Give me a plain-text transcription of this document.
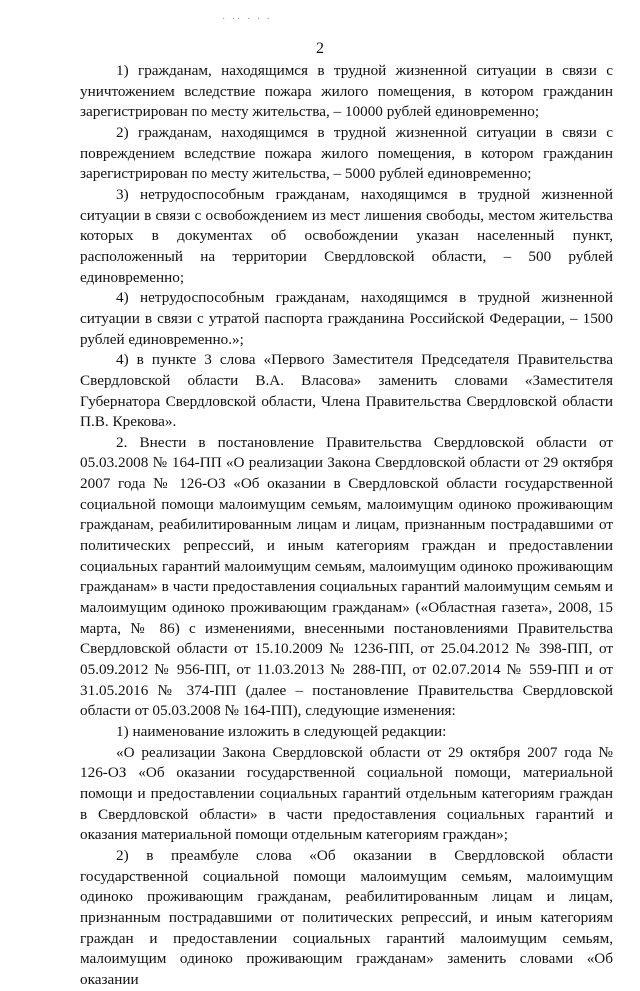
· ·· · · ·
2

1) гражданам, находящимся в трудной жизненной ситуации в связи с уничтожением вследствие пожара жилого помещения, в котором гражданин зарегистрирован по месту жительства, – 10000 рублей единовременно;

2) гражданам, находящимся в трудной жизненной ситуации в связи с повреждением вследствие пожара жилого помещения, в котором гражданин зарегистрирован по месту жительства, – 5000 рублей единовременно;

3) нетрудоспособным гражданам, находящимся в трудной жизненной ситуации в связи с освобождением из мест лишения свободы, местом жительства которых в документах об освобождении указан населенный пункт, расположенный на территории Свердловской области, – 500 рублей единовременно;

4) нетрудоспособным гражданам, находящимся в трудной жизненной ситуации в связи с утратой паспорта гражданина Российской Федерации, – 1500 рублей единовременно.»;

4) в пункте 3 слова «Первого Заместителя Председателя Правительства Свердловской области В.А. Власова» заменить словами «Заместителя Губернатора Свердловской области, Члена Правительства Свердловской области П.В. Крекова».

2. Внести в постановление Правительства Свердловской области от 05.03.2008 № 164-ПП «О реализации Закона Свердловской области от 29 октября 2007 года № 126-ОЗ «Об оказании в Свердловской области государственной социальной помощи малоимущим семьям, малоимущим одиноко проживающим гражданам, реабилитированным лицам и лицам, признанным пострадавшими от политических репрессий, и иным категориям граждан и предоставлении социальных гарантий малоимущим семьям, малоимущим одиноко проживающим гражданам» в части предоставления социальных гарантий малоимущим семьям и малоимущим одиноко проживающим гражданам» («Областная газета», 2008, 15 марта, № 86) с изменениями, внесенными постановлениями Правительства Свердловской области от 15.10.2009 № 1236-ПП, от 25.04.2012 № 398-ПП, от 05.09.2012 № 956-ПП, от 11.03.2013 № 288-ПП, от 02.07.2014 № 559-ПП и от 31.05.2016 № 374-ПП (далее – постановление Правительства Свердловской области от 05.03.2008 № 164-ПП), следующие изменения:

1) наименование изложить в следующей редакции:

«О реализации Закона Свердловской области от 29 октября 2007 года № 126-ОЗ «Об оказании государственной социальной помощи, материальной помощи и предоставлении социальных гарантий отдельным категориям граждан в Свердловской области» в части предоставления социальных гарантий и оказания материальной помощи отдельным категориям граждан»;

2) в преамбуле слова «Об оказании в Свердловской области государственной социальной помощи малоимущим семьям, малоимущим одиноко проживающим гражданам, реабилитированным лицам и лицам, признанным пострадавшими от политических репрессий, и иным категориям граждан и предоставлении социальных гарантий малоимущим семьям, малоимущим одиноко проживающим гражданам» заменить словами «Об оказании
